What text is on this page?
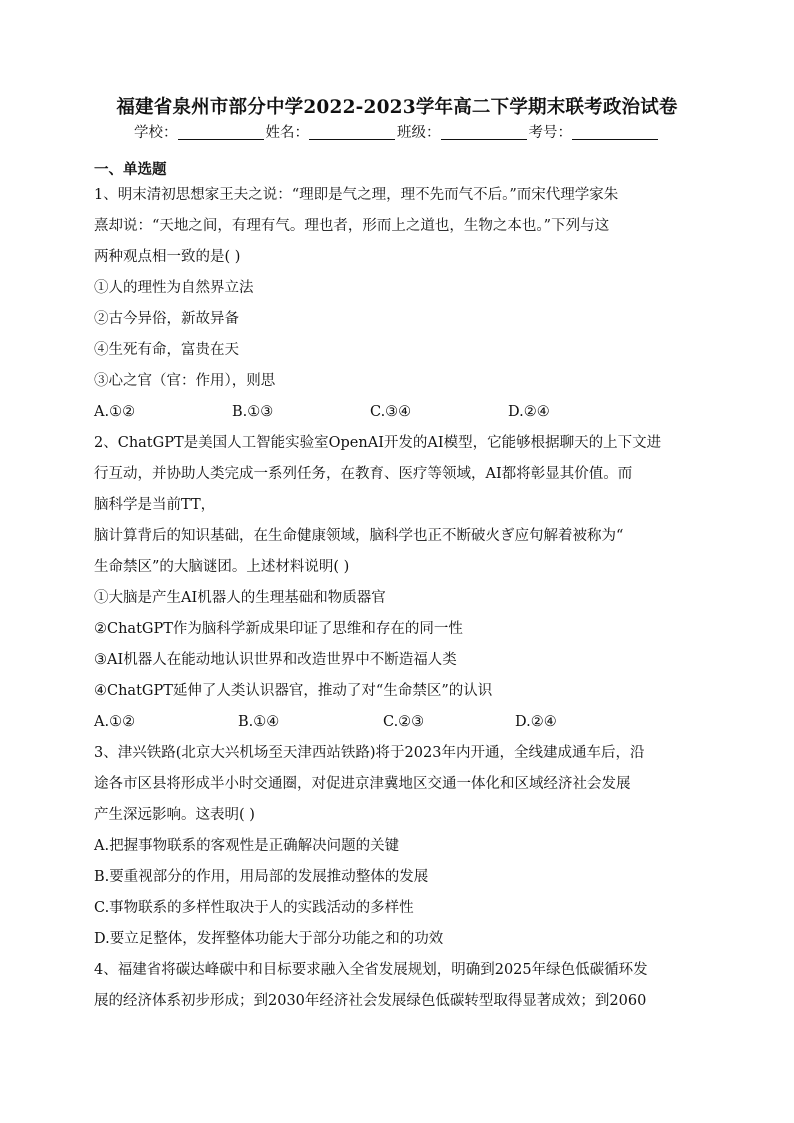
福建省泉州市部分中学2022-2023学年高二下学期末联考政治试卷
学校：	姓名：	班级：	考号：
一、单选题

1、明末清初思想家王夫之说：“理即是气之理，理不先而气不后。”而宋代理学家朱

熹却说：“天地之间，有理有气。理也者，形而上之道也，生物之本也。”下列与这

两种观点相一致的是( )

①人的理性为自然界立法

②古今异俗，新故异备

④生死有命，富贵在天

③心之官（官：作用），则思

A.①②	B.①③	C.③④	D.②④

2、ChatGPT是美国人工智能实验室OpenAI开发的AI模型，它能够根据聊天的上下文进

行互动，并协助人类完成一系列任务，在教育、医疗等领域，AI都将彰显其价值。而

脑科学是当前TT，

脑计算背后的知识基础，在生命健康领域，脑科学也正不断破火ぎ应句解着被称为“

生命禁区”的大脑谜团。上述材料说明( )

①大脑是产生AI机器人的生理基础和物质器官

②ChatGPT作为脑科学新成果印证了思维和存在的同一性

③AI机器人在能动地认识世界和改造世界中不断造福人类

④ChatGPT延伸了人类认识器官，推动了对“生命禁区”的认识

A.①②	B.①④	C.②③	D.②④

3、津兴铁路(北京大兴机场至天津西站铁路)将于2023年内开通，全线建成通车后，沿

途各市区县将形成半小时交通圈，对促进京津冀地区交通一体化和区域经济社会发展

产生深远影响。这表明( )

A.把握事物联系的客观性是正确解决问题的关键

B.要重视部分的作用，用局部的发展推动整体的发展

C.事物联系的多样性取决于人的实践活动的多样性

D.要立足整体，发挥整体功能大于部分功能之和的功效

4、福建省将碳达峰碳中和目标要求融入全省发展规划，明确到2025年绿色低碳循环发

展的经济体系初步形成；到2030年经济社会发展绿色低碳转型取得显著成效；到2060
